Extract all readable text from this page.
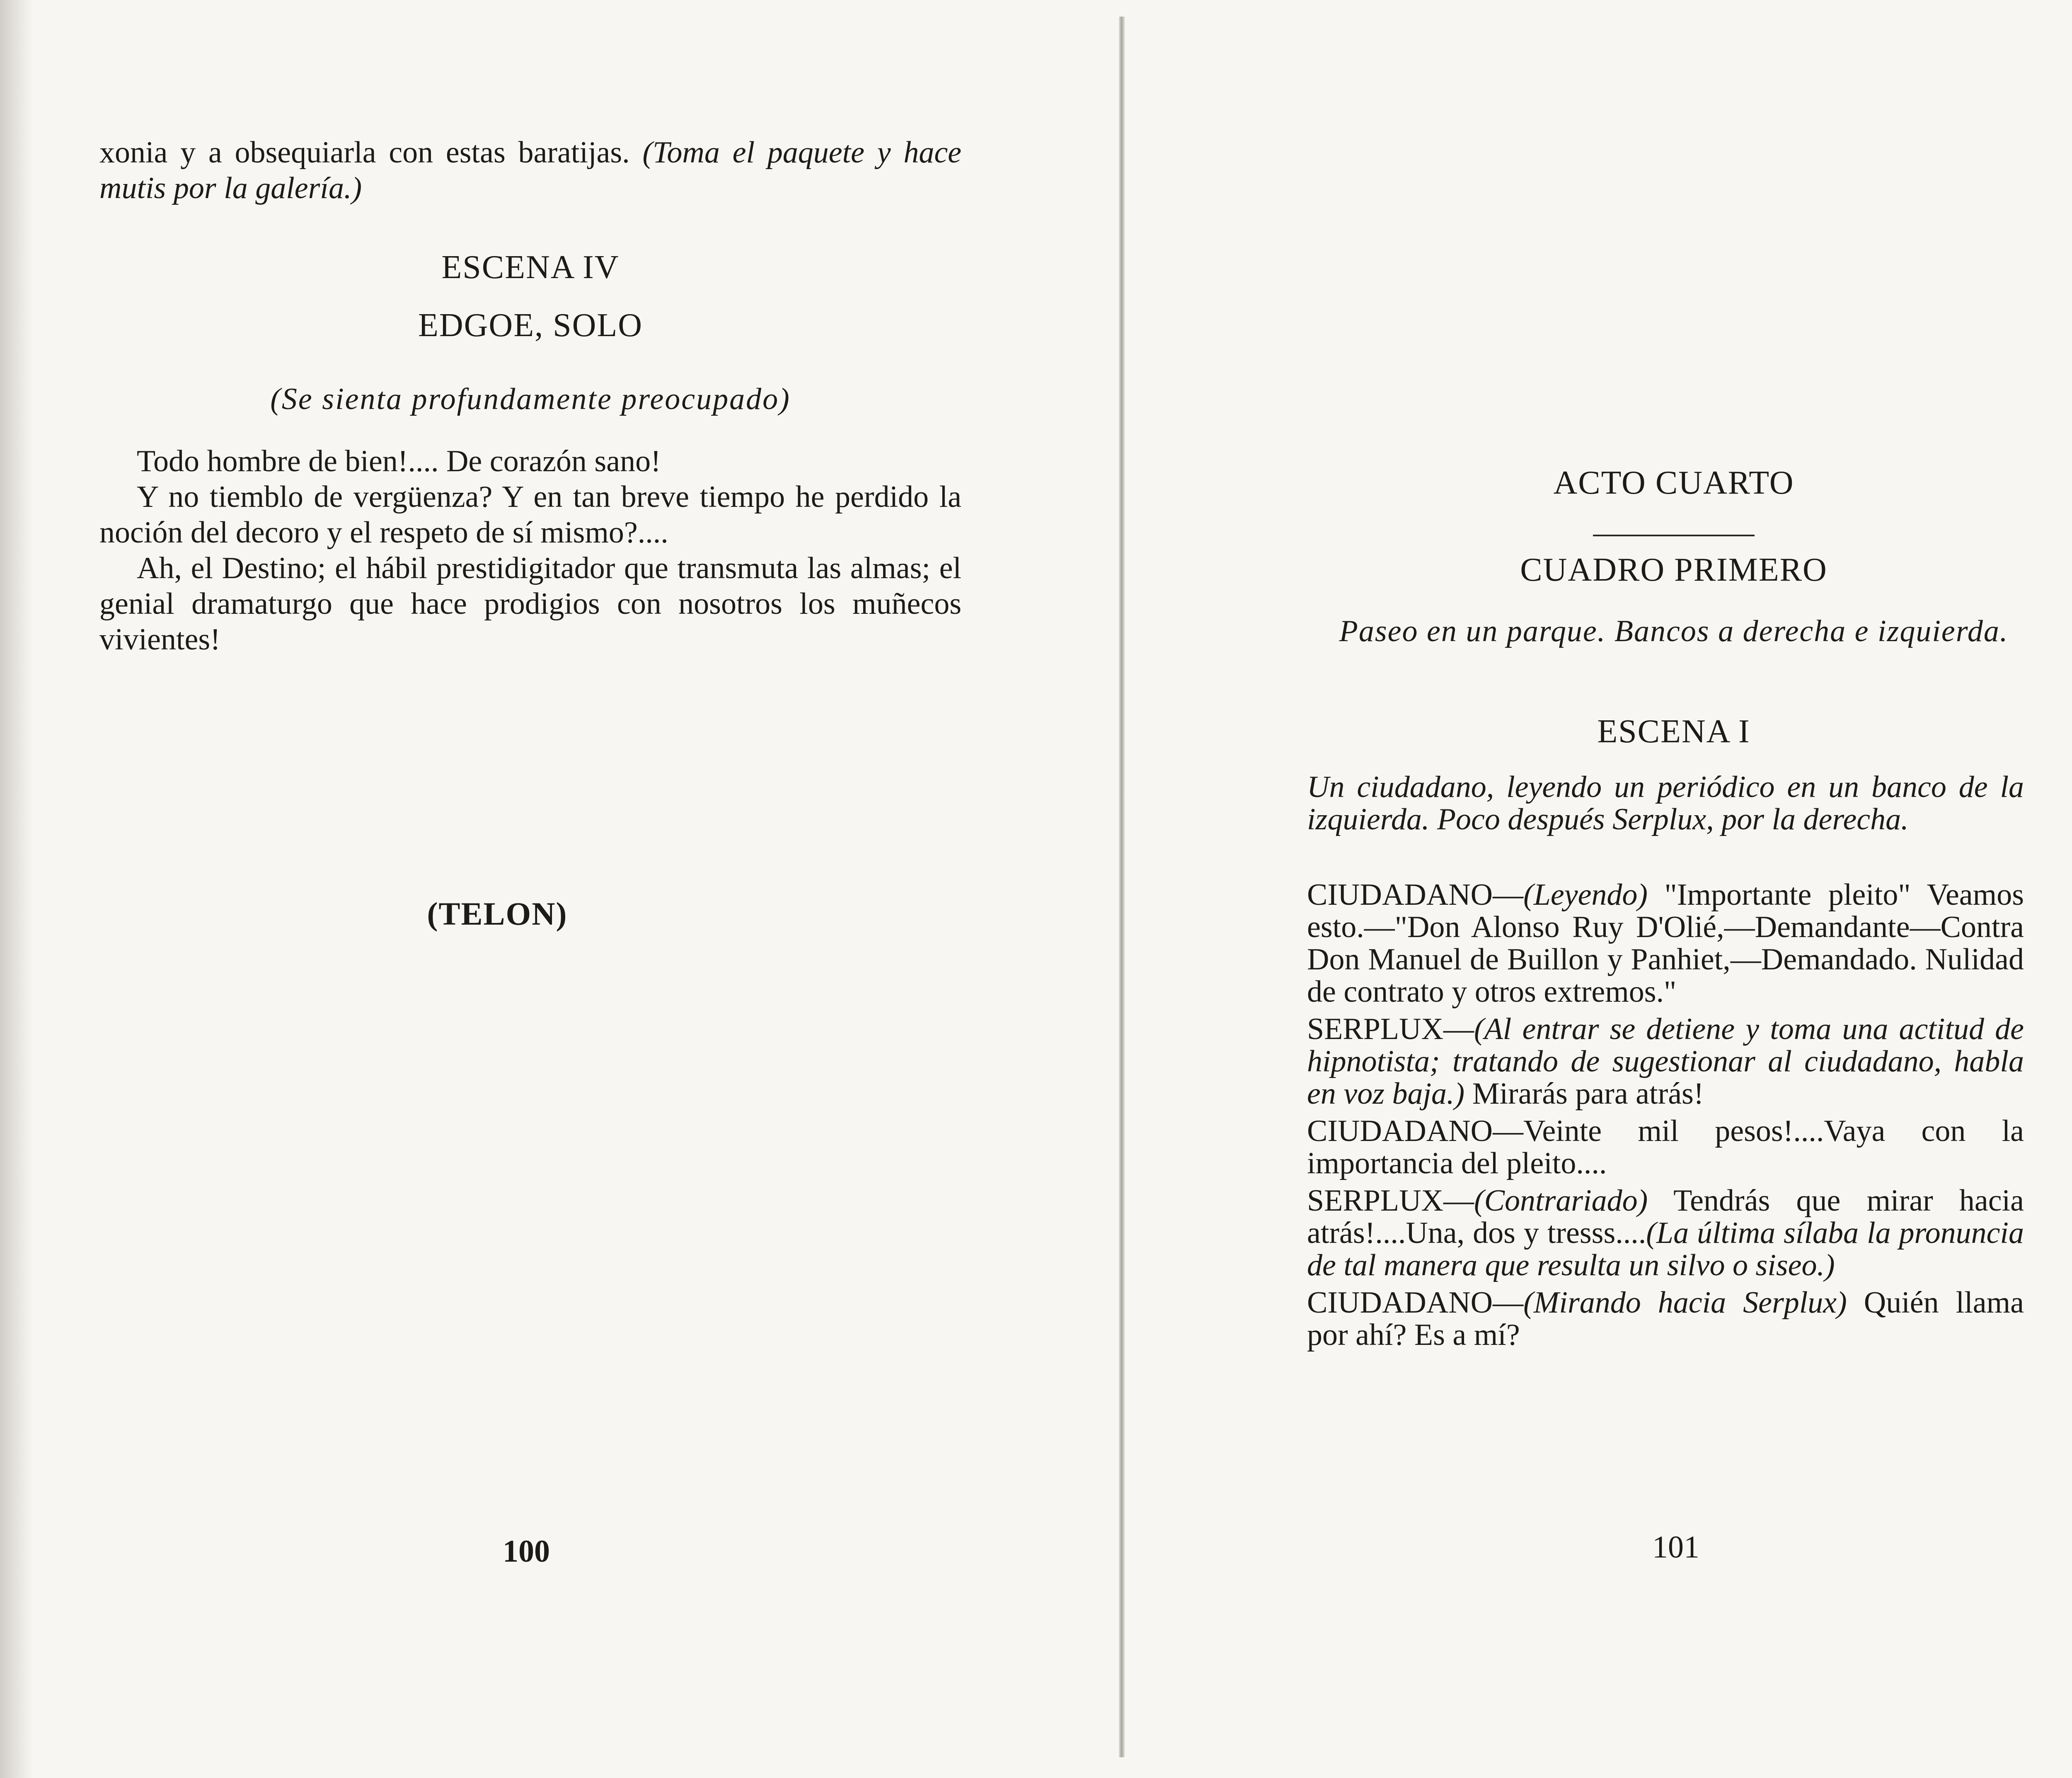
xonia y a obsequiarla con estas baratijas. (Toma el paquete y hace mutis por la galería.)

ESCENA IV
EDGOE, SOLO
(Se sienta profundamente preocupado)

Todo hombre de bien!.... De corazón sano!

Y no tiemblo de vergüenza? Y en tan breve tiempo he perdido la noción del decoro y el respeto de sí mismo?....

Ah, el Destino; el hábil prestidigitador que transmuta las almas; el genial dramaturgo que hace prodigios con nosotros los muñecos vivientes!

(TELON)
100
ACTO CUARTO
CUADRO PRIMERO
Paseo en un parque. Bancos a derecha e izquierda.
ESCENA I
Un ciudadano, leyendo un periódico en un banco de la izquierda. Poco después Serplux, por la derecha.

CIUDADANO—(Leyendo) "Importante pleito" Veamos esto.—"Don Alonso Ruy D'Olié,—Demandante—Contra Don Manuel de Buillon y Panhiet,—Demandado. Nulidad de contrato y otros extremos."

SERPLUX—(Al entrar se detiene y toma una actitud de hipnotista; tratando de sugestionar al ciudadano, habla en voz baja.) Mirarás para atrás!

CIUDADANO—Veinte mil pesos!....Vaya con la importancia del pleito....

SERPLUX—(Contrariado) Tendrás que mirar hacia atrás!....Una, dos y tresss....(La última sílaba la pronuncia de tal manera que resulta un silvo o siseo.)

CIUDADANO—(Mirando hacia Serplux) Quién llama por ahí? Es a mí?

101
